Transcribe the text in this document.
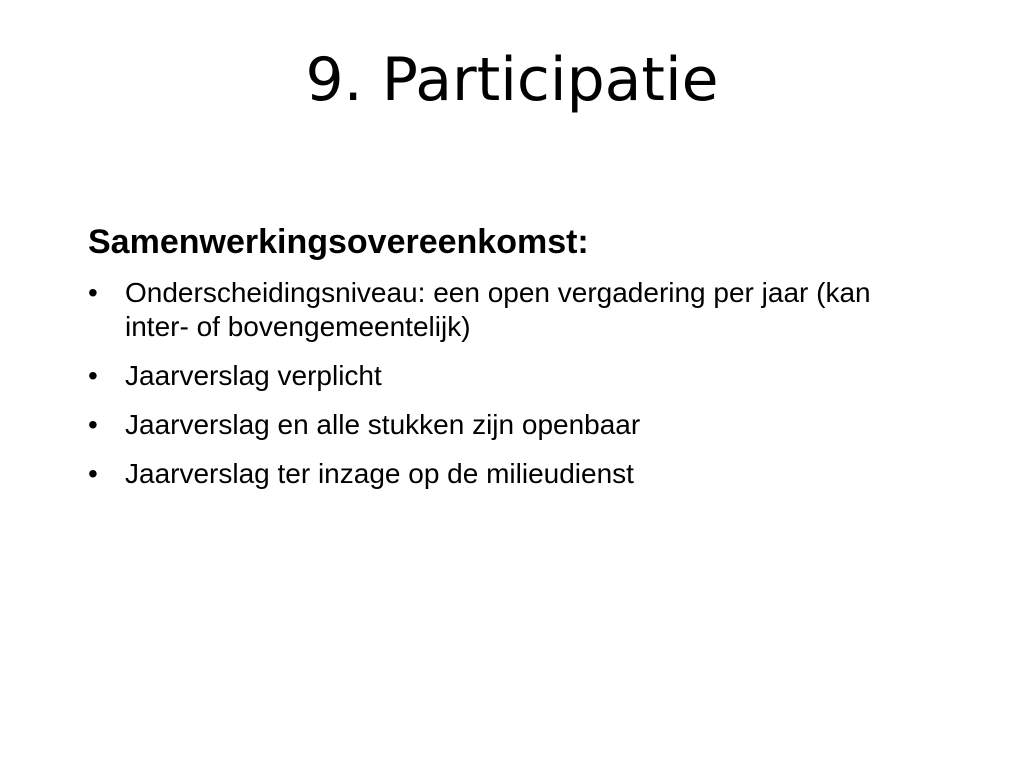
9. Participatie
Samenwerkingsovereenkomst:
• Onderscheidingsniveau: een open vergadering per jaar (kan inter- of bovengemeentelijk)
• Jaarverslag verplicht
• Jaarverslag en alle stukken zijn openbaar
• Jaarverslag ter inzage op de milieudienst
